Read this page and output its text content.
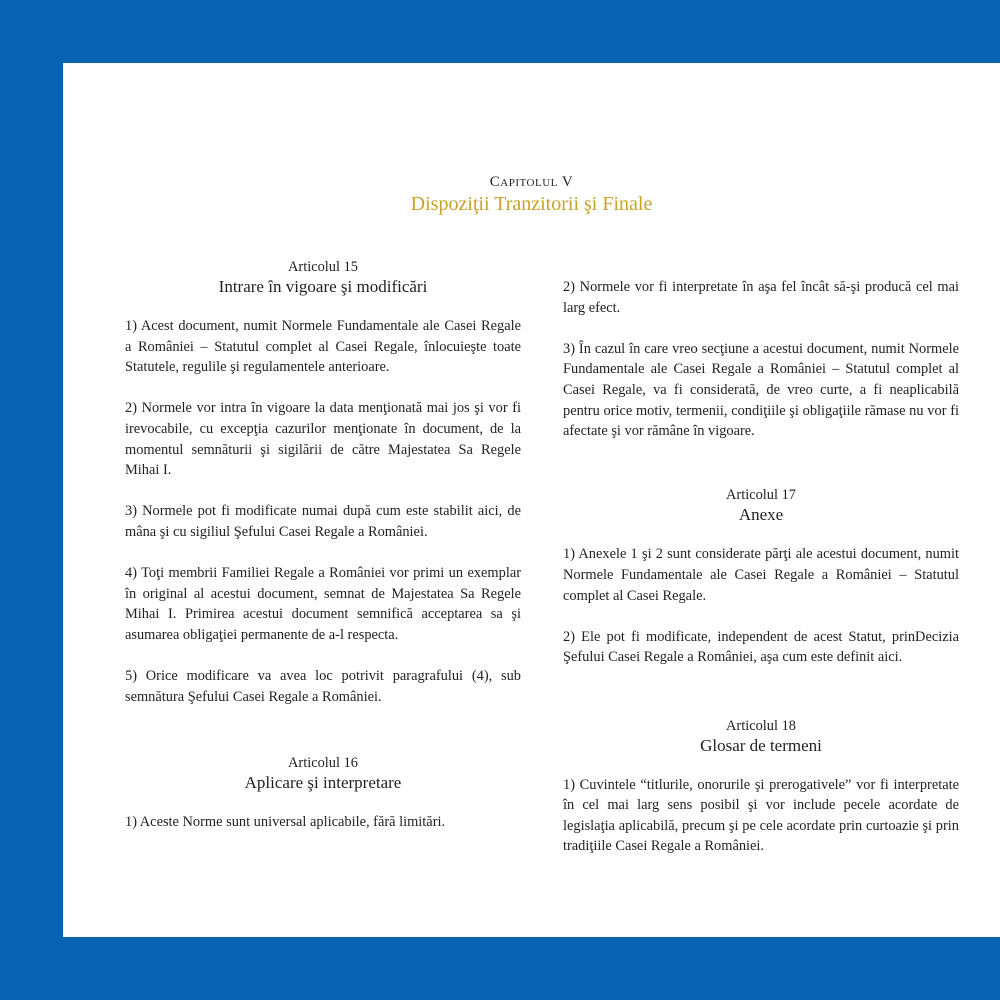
Capitolul V
Dispoziţii Tranzitorii şi Finale
Articolul 15
Intrare în vigoare şi modificări

1) Acest document, numit Normele Fundamentale ale Casei Regale a României – Statutul complet al Casei Regale, înlocuieşte toate Statutele, regulile şi regulamentele anterioare.

2) Normele vor intra în vigoare la data menţionată mai jos şi vor fi irevocabile, cu excepţia cazurilor menţionate în document, de la momentul semnăturii şi sigilării de către Majestatea Sa Regele Mihai I.

3) Normele pot fi modificate numai după cum este stabilit aici, de mâna şi cu sigiliul Şefului Casei Regale a României.

4) Toţi membrii Familiei Regale a României vor primi un exemplar în original al acestui document, semnat de Majestatea Sa Regele Mihai I. Primirea acestui document semnifică acceptarea sa şi asumarea obligaţiei permanente de a-l respecta.

5) Orice modificare va avea loc potrivit paragrafului (4), sub semnătura Şefului Casei Regale a României.

Articolul 16
Aplicare şi interpretare

1) Aceste Norme sunt universal aplicabile, fără limitări.

2) Normele vor fi interpretate în aşa fel încât să-şi producă cel mai larg efect.

3) În cazul în care vreo secţiune a acestui document, numit Normele Fundamentale ale Casei Regale a României – Statutul complet al Casei Regale, va fi considerată, de vreo curte, a fi neaplicabilă pentru orice motiv, termenii, condiţiile şi obligaţiile rămase nu vor fi afectate şi vor rămâne în vigoare.

Articolul 17
Anexe

1) Anexele 1 şi 2 sunt considerate părţi ale acestui document, numit Normele Fundamentale ale Casei Regale a României – Statutul complet al Casei Regale.

2) Ele pot fi modificate, independent de acest Statut, prinDecizia Şefului Casei Regale a României, aşa cum este definit aici.

Articolul 18
Glosar de termeni

1) Cuvintele “titlurile, onorurile şi prerogativele” vor fi interpretate în cel mai larg sens posibil şi vor include pecele acordate de legislaţia aplicabilă, precum şi pe cele acordate prin curtoazie şi prin tradiţiile Casei Regale a României.
